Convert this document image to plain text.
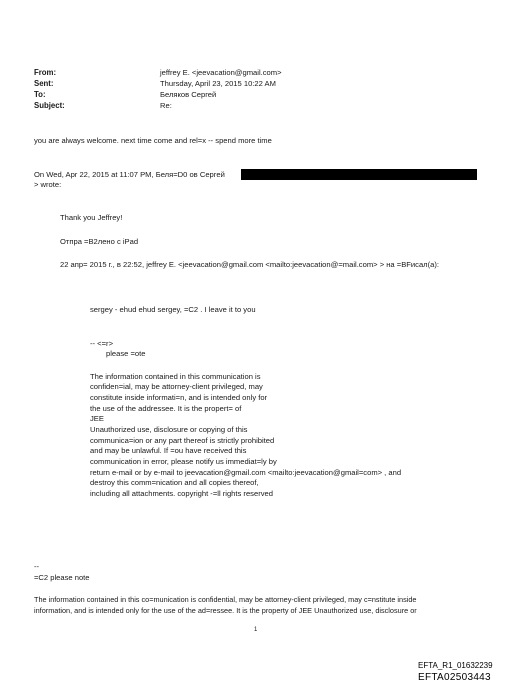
From:	jeffrey E. <jeevacation@gmail.com>
Sent:	Thursday, April 23, 2015 10:22 AM
To:	Беляков Сергей
Subject:	Re:
you are always welcome. next time come and rel=x -- spend more time
On Wed, Apr 22, 2015 at 11:07 PM, Беля=D0 ов Сергей
> wrote:
Thank you Jeffrey!
Отпра =B2лено с iPad
22 апр= 2015 г., в 22:52, jeffrey E. <jeevacation@gmail.com <mailto:jeevacation@=mail.com> > на =BFисал(а):
sergey - ehud ehud sergey, =C2 . I leave it to you
-- <=r>
please =ote
The information contained in this communication is
confiden=ial, may be attorney-client privileged, may
constitute inside informati=n, and is intended only for
the use of the addressee. It is the propert= of
JEE
Unauthorized use, disclosure or copying of this
communica=ion or any part thereof is strictly prohibited
and may be unlawful. If =ou have received this
communication in error, please notify us immediat=ly by
return e-mail or by e-mail to jeevacation@gmail.com <mailto:jeevacation@gmail=com> , and
destroy this comm=nication and all copies thereof,
including all attachments. copyright -=ll rights reserved
--
=C2 please note
The information contained in this co=munication is confidential, may be attorney-client privileged, may c=nstitute inside
information, and is intended only for the use of the ad=ressee. It is the property of JEE Unauthorized use, disclosure or
1
EFTA_R1_01632239
EFTA02503443
